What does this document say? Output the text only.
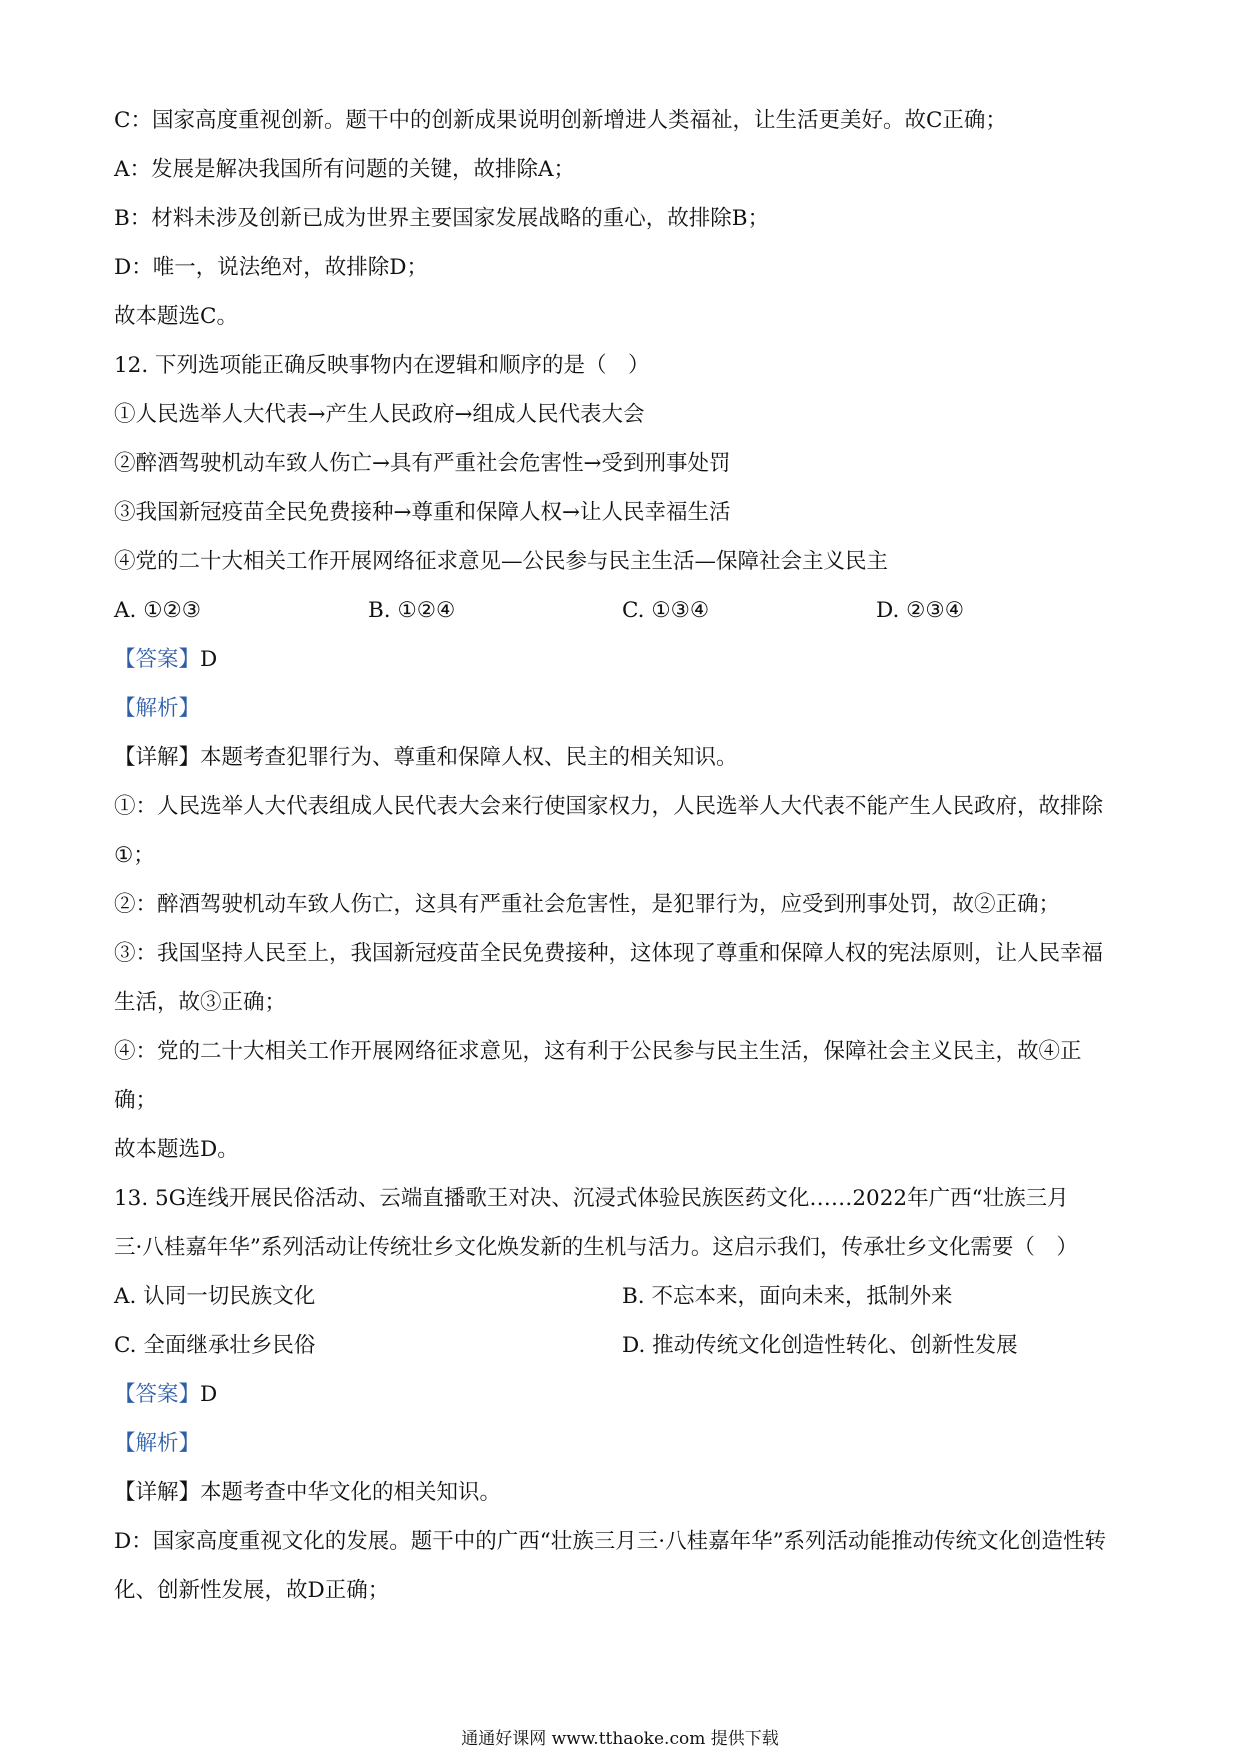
C：国家高度重视创新。题干中的创新成果说明创新增进人类福祉，让生活更美好。故C正确；
A：发展是解决我国所有问题的关键，故排除A；
B：材料未涉及创新已成为世界主要国家发展战略的重心，故排除B；
D：唯一，说法绝对，故排除D；
故本题选C。
12. 下列选项能正确反映事物内在逻辑和顺序的是（　）
①人民选举人大代表→产生人民政府→组成人民代表大会
②醉酒驾驶机动车致人伤亡→具有严重社会危害性→受到刑事处罚
③我国新冠疫苗全民免费接种→尊重和保障人权→让人民幸福生活
④党的二十大相关工作开展网络征求意见—公民参与民主生活—保障社会主义民主
A. ①②③	B. ①②④	C. ①③④	D. ②③④
【答案】D
【解析】
【详解】本题考查犯罪行为、尊重和保障人权、民主的相关知识。
①：人民选举人大代表组成人民代表大会来行使国家权力，人民选举人大代表不能产生人民政府，故排除
①；
②：醉酒驾驶机动车致人伤亡，这具有严重社会危害性，是犯罪行为，应受到刑事处罚，故②正确；
③：我国坚持人民至上，我国新冠疫苗全民免费接种，这体现了尊重和保障人权的宪法原则，让人民幸福
生活，故③正确；
④：党的二十大相关工作开展网络征求意见，这有利于公民参与民主生活，保障社会主义民主，故④正
确；
故本题选D。
13. 5G连线开展民俗活动、云端直播歌王对决、沉浸式体验民族医药文化……2022年广西“壮族三月
三·八桂嘉年华”系列活动让传统壮乡文化焕发新的生机与活力。这启示我们，传承壮乡文化需要（　）
A. 认同一切民族文化	B. 不忘本来，面向未来，抵制外来
C. 全面继承壮乡民俗	D. 推动传统文化创造性转化、创新性发展
【答案】D
【解析】
【详解】本题考查中华文化的相关知识。
D：国家高度重视文化的发展。题干中的广西“壮族三月三·八桂嘉年华”系列活动能推动传统文化创造性转
化、创新性发展，故D正确；
通通好课网 www.tthaoke.com 提供下载
